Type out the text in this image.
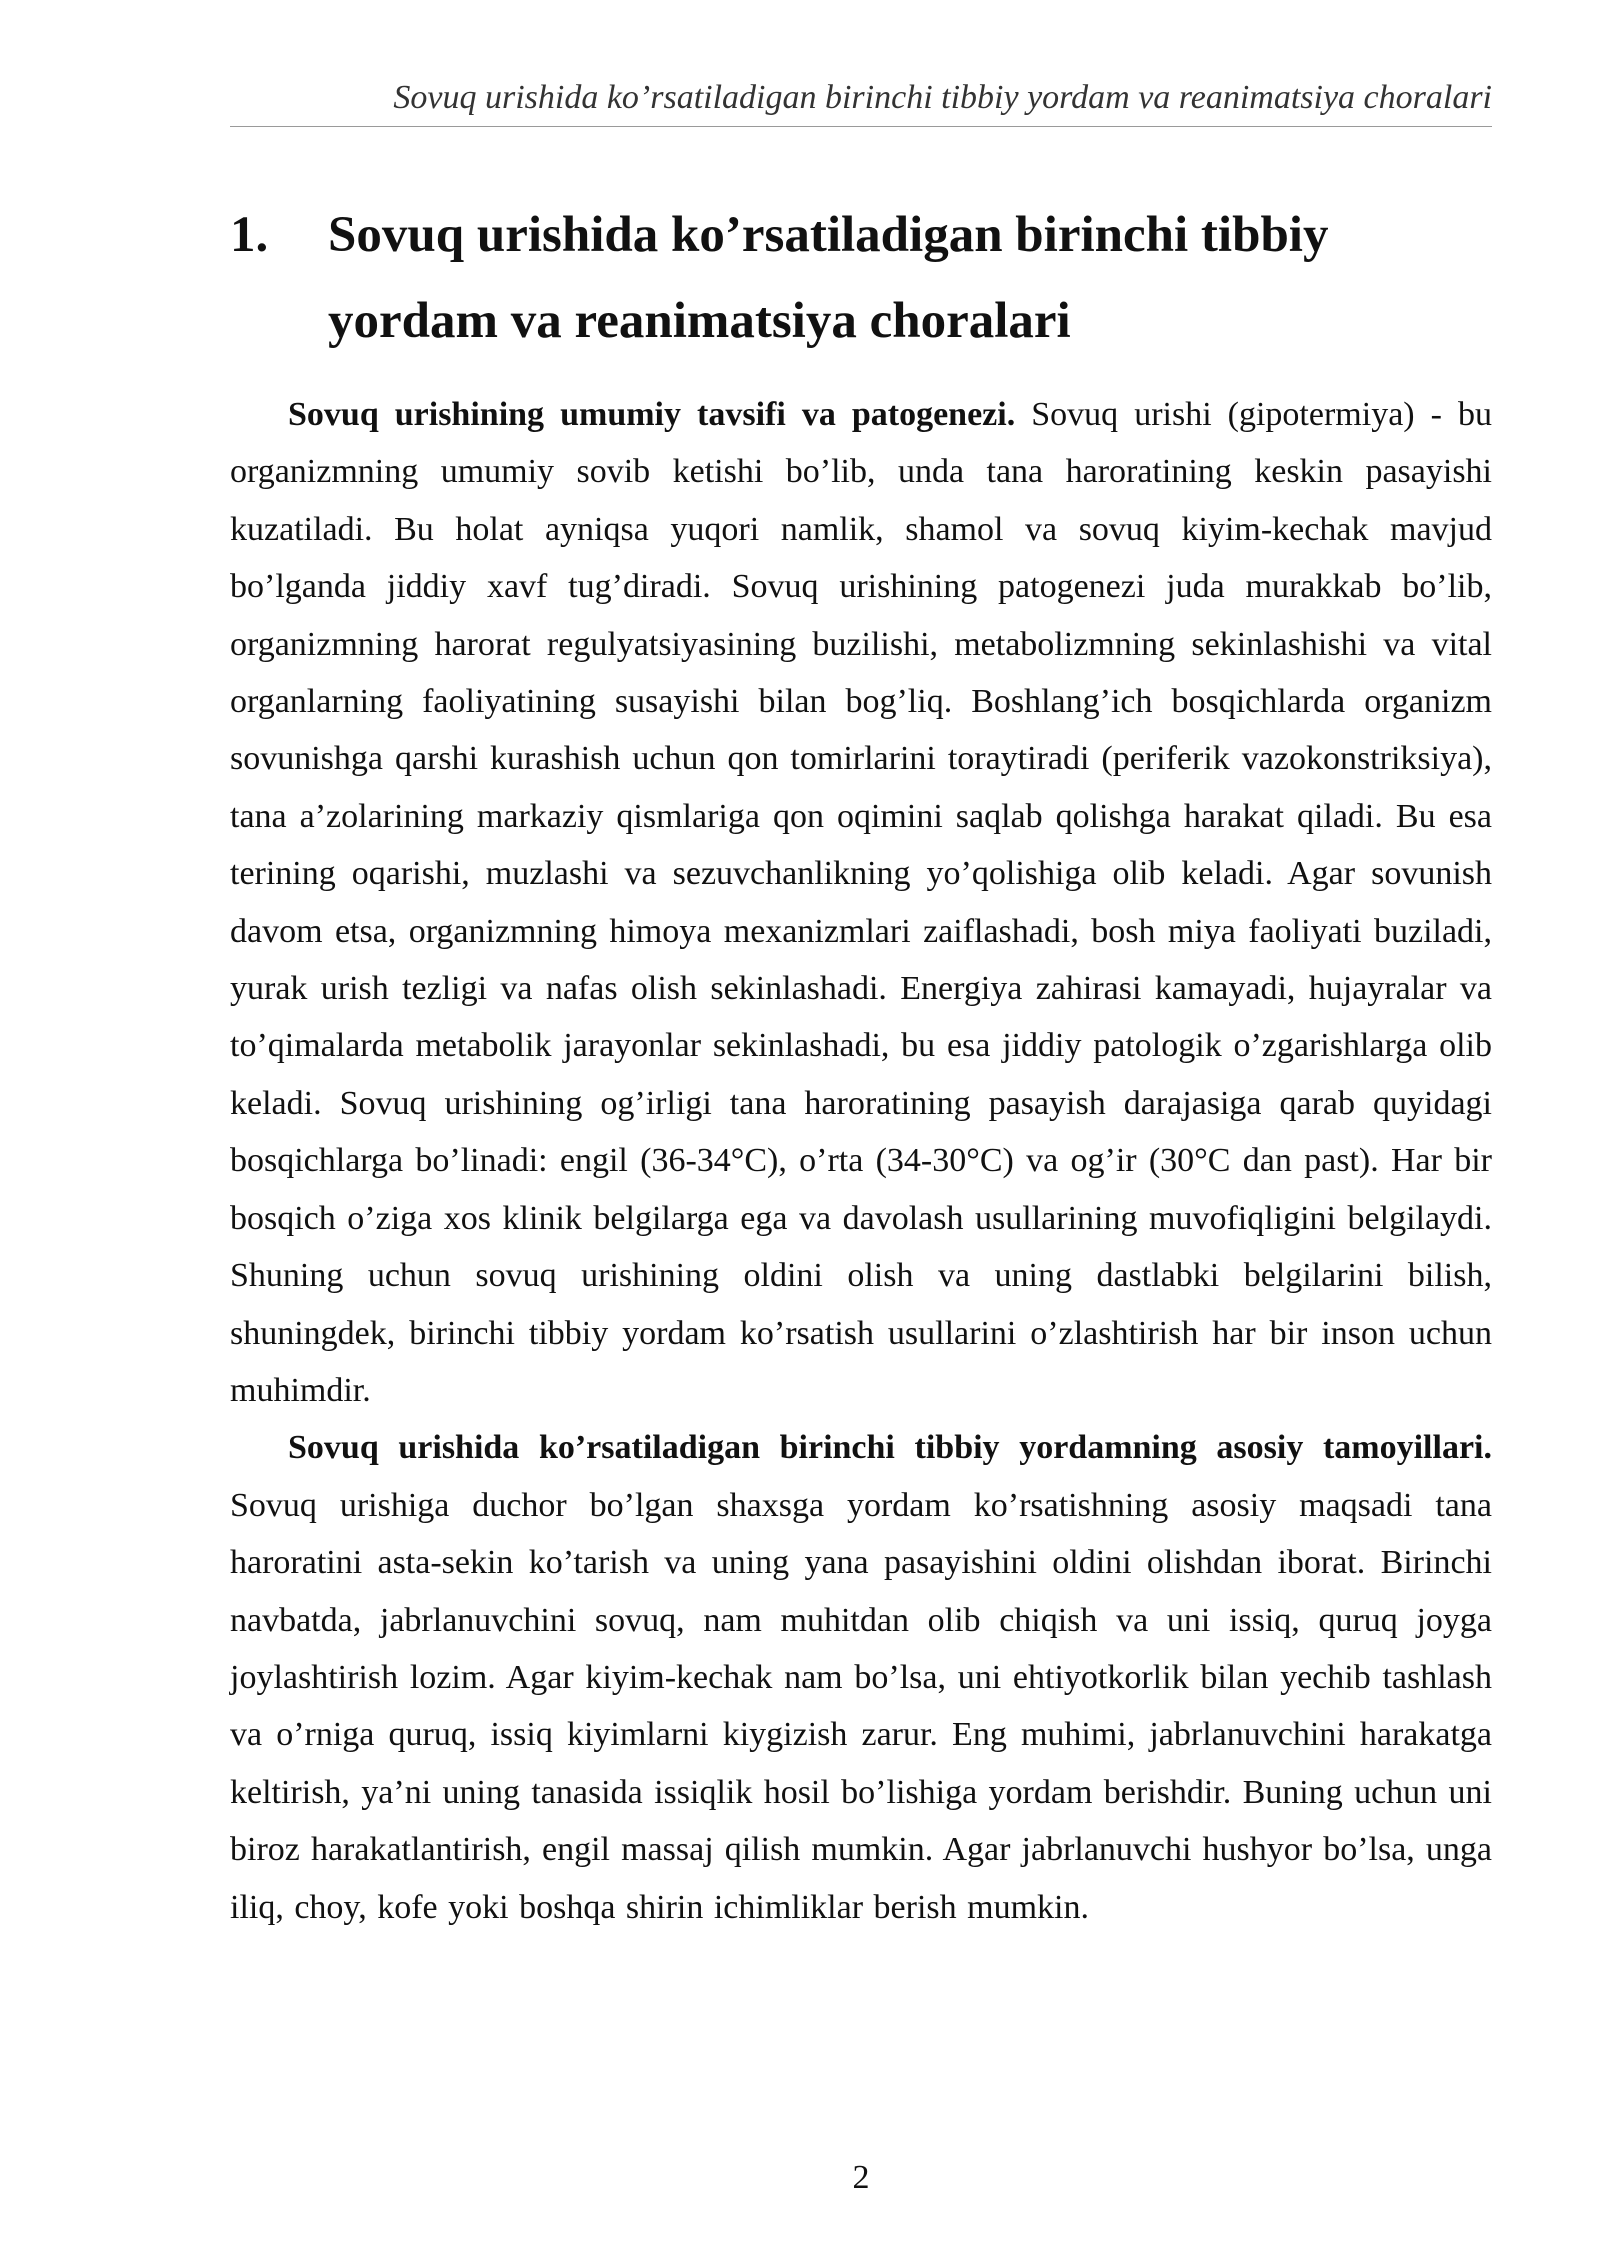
Sovuq urishida ko’rsatiladigan birinchi tibbiy yordam va reanimatsiya choralari
1.	Sovuq urishida ko’rsatiladigan birinchi tibbiy yordam va reanimatsiya choralari

Sovuq urishining umumiy tavsifi va patogenezi. Sovuq urishi (gipotermiya) - bu organizmning umumiy sovib ketishi bo’lib, unda tana haroratining keskin pasayishi kuzatiladi. Bu holat ayniqsa yuqori namlik, shamol va sovuq kiyim-kechak mavjud bo’lganda jiddiy xavf tug’diradi. Sovuq urishining patogenezi juda murakkab bo’lib, organizmning harorat regulyatsiyasining buzilishi, metabolizmning sekinlashishi va vital organlarning faoliyatining susayishi bilan bog’liq. Boshlang’ich bosqichlarda organizm sovunishga qarshi kurashish uchun qon tomirlarini toraytiradi (periferik vazokonstriksiya), tana a’zolarining markaziy qismlariga qon oqimini saqlab qolishga harakat qiladi. Bu esa terining oqarishi, muzlashi va sezuvchanlikning yo’qolishiga olib keladi. Agar sovunish davom etsa, organizmning himoya mexanizmlari zaiflashadi, bosh miya faoliyati buziladi, yurak urish tezligi va nafas olish sekinlashadi. Energiya zahirasi kamayadi, hujayralar va to’qimalarda metabolik jarayonlar sekinlashadi, bu esa jiddiy patologik o’zgarishlarga olib keladi. Sovuq urishining og’irligi tana haroratining pasayish darajasiga qarab quyidagi bosqichlarga bo’linadi: engil (36-34°C), o’rta (34-30°C) va og’ir (30°C dan past). Har bir bosqich o’ziga xos klinik belgilarga ega va davolash usullarining muvofiqligini belgilaydi. Shuning uchun sovuq urishining oldini olish va uning dastlabki belgilarini bilish, shuningdek, birinchi tibbiy yordam ko’rsatish usullarini o’zlashtirish har bir inson uchun muhimdir.

Sovuq urishida ko’rsatiladigan birinchi tibbiy yordamning asosiy tamoyillari. Sovuq urishiga duchor bo’lgan shaxsga yordam ko’rsatishning asosiy maqsadi tana haroratini asta-sekin ko’tarish va uning yana pasayishini oldini olishdan iborat. Birinchi navbatda, jabrlanuvchini sovuq, nam muhitdan olib chiqish va uni issiq, quruq joyga joylashtirish lozim. Agar kiyim-kechak nam bo’lsa, uni ehtiyotkorlik bilan yechib tashlash va o’rniga quruq, issiq kiyimlarni kiygizish zarur. Eng muhimi, jabrlanuvchini harakatga keltirish, ya’ni uning tanasida issiqlik hosil bo’lishiga yordam berishdir. Buning uchun uni biroz harakatlantirish, engil massaj qilish mumkin. Agar jabrlanuvchi hushyor bo’lsa, unga iliq, choy, kofe yoki boshqa shirin ichimliklar berish mumkin.

2
